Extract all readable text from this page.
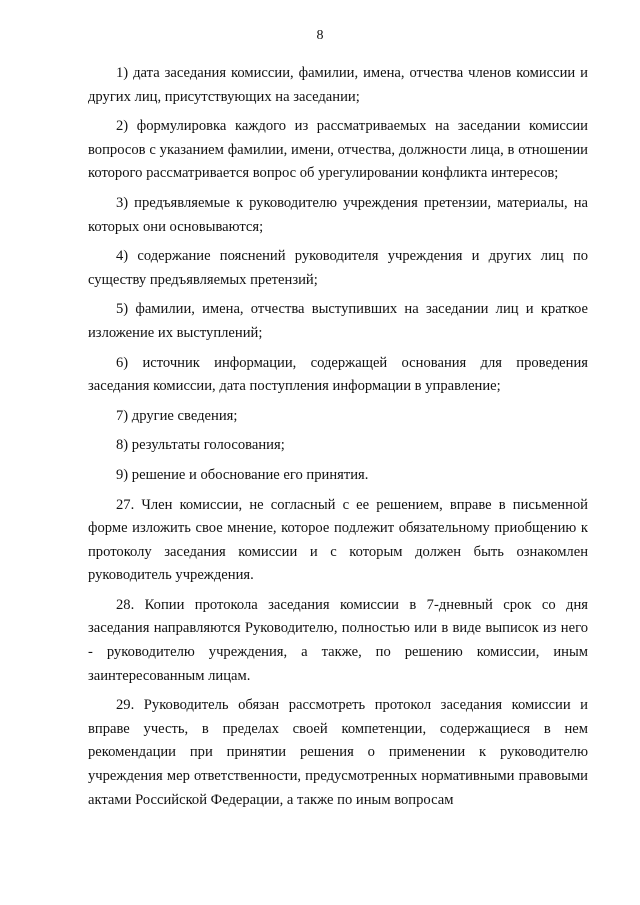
8

1) дата заседания комиссии, фамилии, имена, отчества членов комиссии и других лиц, присутствующих на заседании;

2) формулировка каждого из рассматриваемых на заседании комиссии вопросов с указанием фамилии, имени, отчества, должности лица, в отношении которого рассматривается вопрос об урегулировании конфликта интересов;

3) предъявляемые к руководителю учреждения претензии, материалы, на которых они основываются;

4) содержание пояснений руководителя учреждения и других лиц по существу предъявляемых претензий;

5) фамилии, имена, отчества выступивших на заседании лиц и краткое изложение их выступлений;

6) источник информации, содержащей основания для проведения заседания комиссии, дата поступления информации в управление;

7) другие сведения;

8) результаты голосования;

9) решение и обоснование его принятия.

27. Член комиссии, не согласный с ее решением, вправе в письменной форме изложить свое мнение, которое подлежит обязательному приобщению к протоколу заседания комиссии и с которым должен быть ознакомлен руководитель учреждения.

28. Копии протокола заседания комиссии в 7-дневный срок со дня заседания направляются Руководителю, полностью или в виде выписок из него - руководителю учреждения, а также, по решению комиссии, иным заинтересованным лицам.

29. Руководитель обязан рассмотреть протокол заседания комиссии и вправе учесть, в пределах своей компетенции, содержащиеся в нем рекомендации при принятии решения о применении к руководителю учреждения мер ответственности, предусмотренных нормативными правовыми актами Российской Федерации, а также по иным вопросам
